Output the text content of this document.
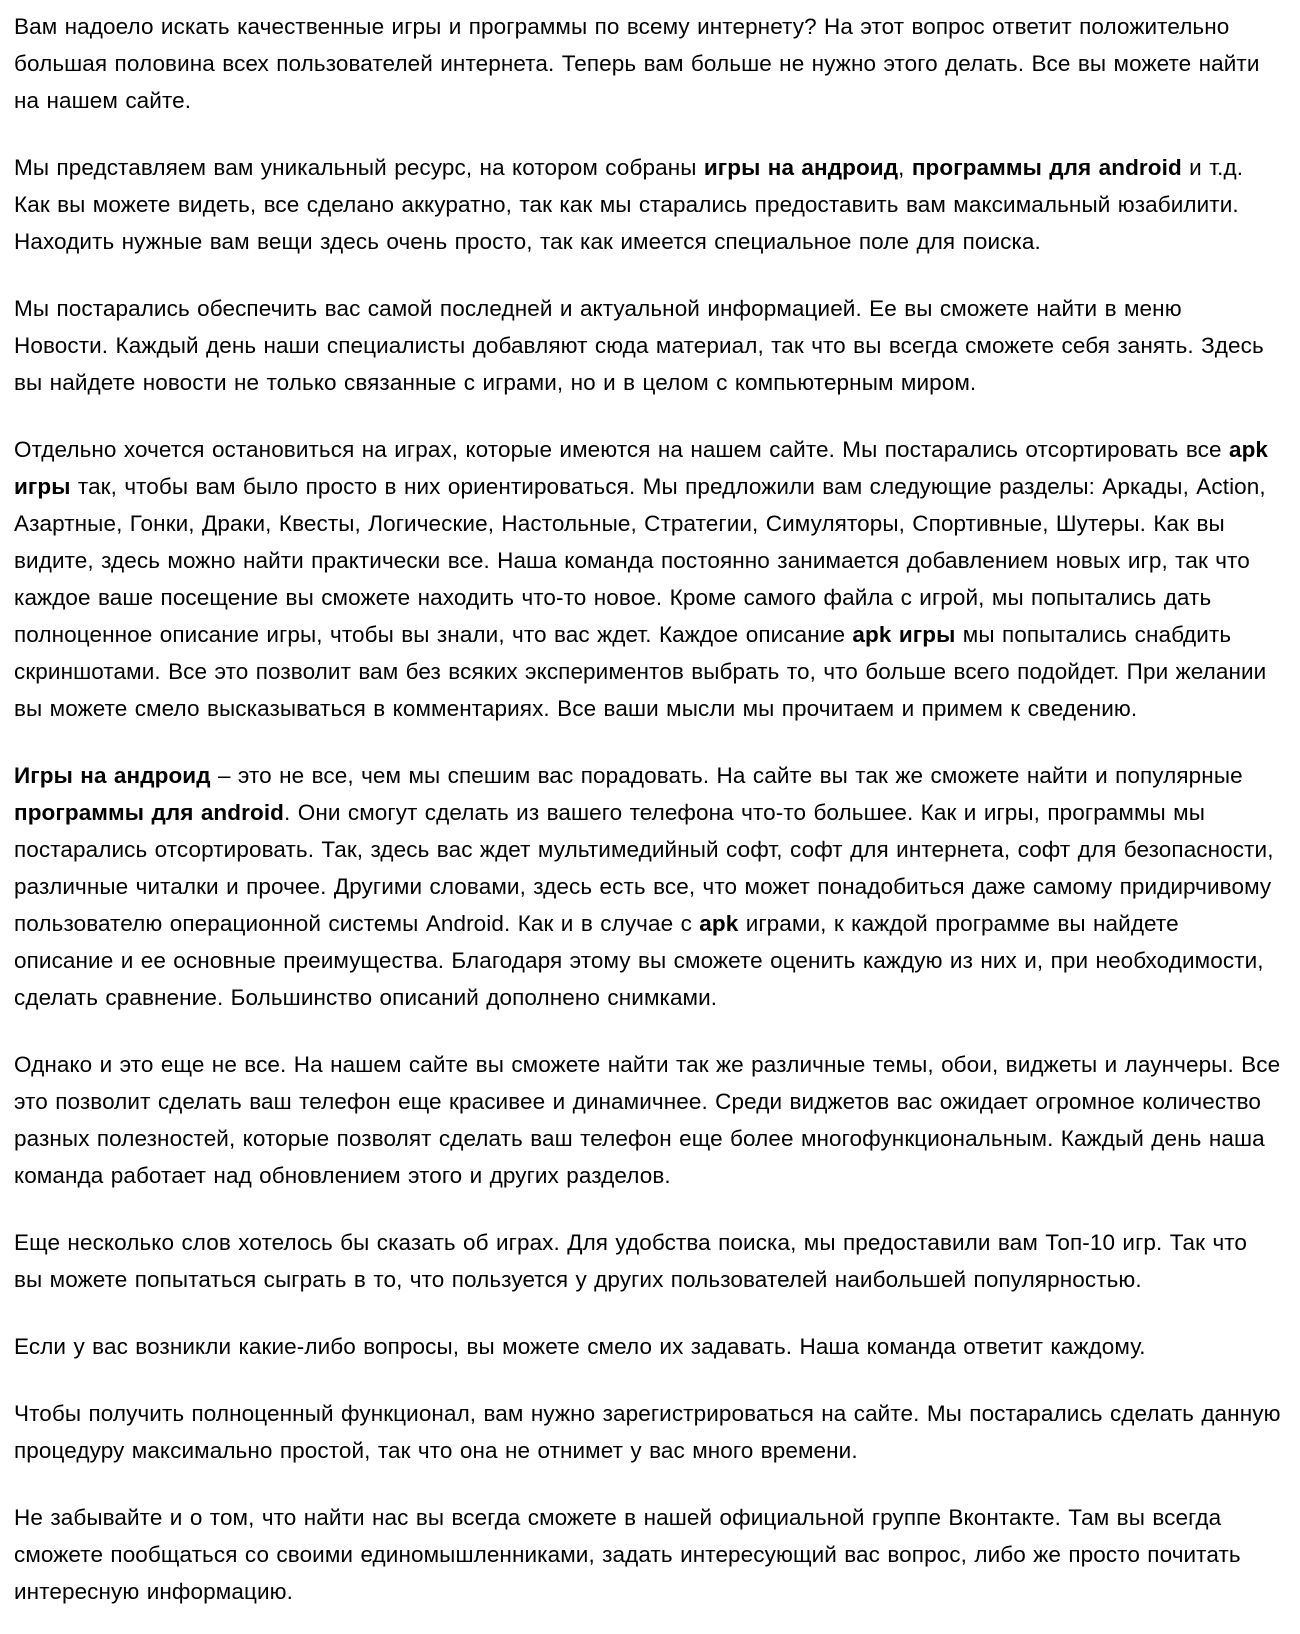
Вам надоело искать качественные игры и программы по всему интернету? На этот вопрос ответит положительно большая половина всех пользователей интернета. Теперь вам больше не нужно этого делать. Все вы можете найти на нашем сайте.

Мы представляем вам уникальный ресурс, на котором собраны игры на андроид, программы для android и т.д. Как вы можете видеть, все сделано аккуратно, так как мы старались предоставить вам максимальный юзабилити. Находить нужные вам вещи здесь очень просто, так как имеется специальное поле для поиска.

Мы постарались обеспечить вас самой последней и актуальной информацией. Ее вы сможете найти в меню Новости. Каждый день наши специалисты добавляют сюда материал, так что вы всегда сможете себя занять. Здесь вы найдете новости не только связанные с играми, но и в целом с компьютерным миром.

Отдельно хочется остановиться на играх, которые имеются на нашем сайте. Мы постарались отсортировать все apk игры так, чтобы вам было просто в них ориентироваться. Мы предложили вам следующие разделы: Аркады, Action, Азартные, Гонки, Драки, Квесты, Логические, Настольные, Стратегии, Симуляторы, Спортивные, Шутеры. Как вы видите, здесь можно найти практически все. Наша команда постоянно занимается добавлением новых игр, так что каждое ваше посещение вы сможете находить что-то новое. Кроме самого файла с игрой, мы попытались дать полноценное описание игры, чтобы вы знали, что вас ждет. Каждое описание apk игры мы попытались снабдить скриншотами. Все это позволит вам без всяких экспериментов выбрать то, что больше всего подойдет. При желании вы можете смело высказываться в комментариях. Все ваши мысли мы прочитаем и примем к сведению.

Игры на андроид – это не все, чем мы спешим вас порадовать. На сайте вы так же сможете найти и популярные программы для android. Они смогут сделать из вашего телефона что-то большее. Как и игры, программы мы постарались отсортировать. Так, здесь вас ждет мультимедийный софт, софт для интернета, софт для безопасности, различные читалки и прочее. Другими словами, здесь есть все, что может понадобиться даже самому придирчивому пользователю операционной системы Android. Как и в случае с apk играми, к каждой программе вы найдете описание и ее основные преимущества. Благодаря этому вы сможете оценить каждую из них и, при необходимости, сделать сравнение. Большинство описаний дополнено снимками.

Однако и это еще не все. На нашем сайте вы сможете найти так же различные темы, обои, виджеты и лаунчеры. Все это позволит сделать ваш телефон еще красивее и динамичнее. Среди виджетов вас ожидает огромное количество разных полезностей, которые позволят сделать ваш телефон еще более многофункциональным. Каждый день наша команда работает над обновлением этого и других разделов.

Еще несколько слов хотелось бы сказать об играх. Для удобства поиска, мы предоставили вам Топ-10 игр. Так что вы можете попытаться сыграть в то, что пользуется у других пользователей наибольшей популярностью.

Если у вас возникли какие-либо вопросы, вы можете смело их задавать. Наша команда ответит каждому.

Чтобы получить полноценный функционал, вам нужно зарегистрироваться на сайте. Мы постарались сделать данную процедуру максимально простой, так что она не отнимет у вас много времени.

Не забывайте и о том, что найти нас вы всегда сможете в нашей официальной группе Вконтакте. Там вы всегда сможете пообщаться со своими единомышленниками, задать интересующий вас вопрос, либо же просто почитать интересную информацию.
